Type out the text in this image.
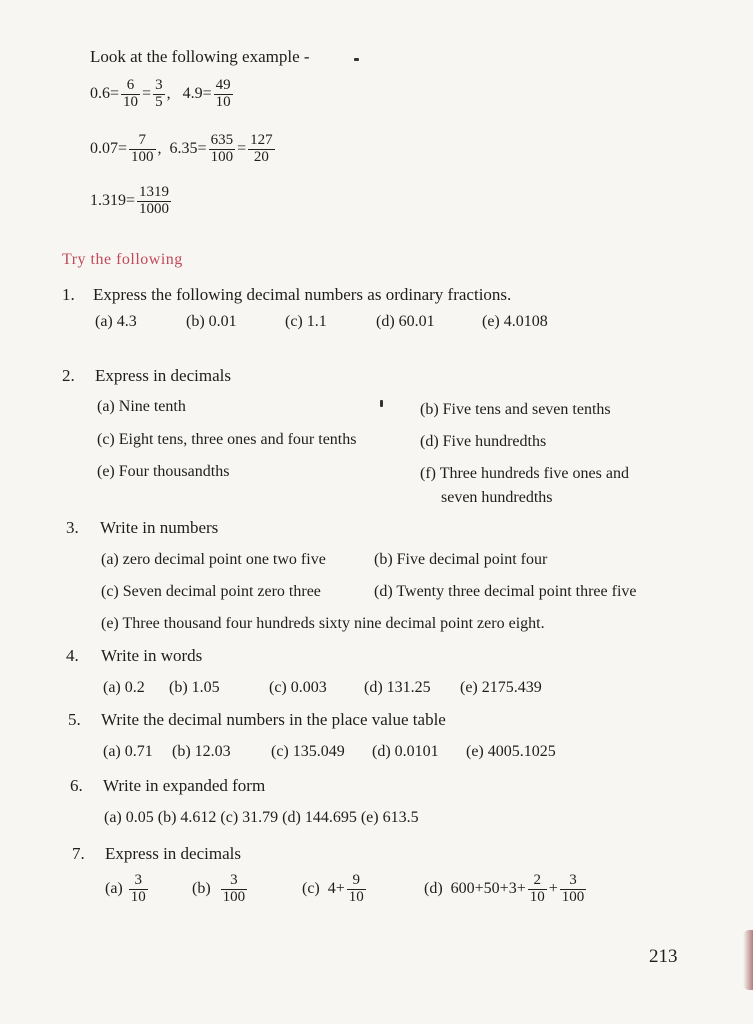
Look at the following example -
$0.6= \frac{6}{10} = \frac{3}{5}$ ,   $4.9= \frac{49}{10}$
$0.07= \frac{7}{100}$ ,  $6.35= \frac{635}{100} = \frac{127}{20}$
$1.319= \frac{1319}{1000}$
Try the following
1. Express the following decimal numbers as ordinary fractions.
(a) 4.3	(b) 0.01	(c) 1.1	(d) 60.01	(e) 4.0108
2. Express in decimals
(a) Nine tenth	(b) Five tens and seven tenths
(c) Eight tens, three ones and four tenths	(d) Five hundredths
(e) Four thousandths	(f) Three hundreds five ones and
seven hundredths
3. Write in numbers
(a) zero decimal point one two five	(b) Five decimal point four
(c) Seven decimal point zero three	(d) Twenty three decimal point three five
(e) Three thousand four hundreds sixty nine decimal point zero eight.
4. Write in words
(a) 0.2 (b) 1.05	(c) 0.003 (d) 131.25 (e) 2175.439
5. Write the decimal numbers in the place value table
(a) 0.71 (b) 12.03	(c) 135.049 (d) 0.0101 (e) 4005.1025
6. Write in expanded form
(a) 0.05 (b) 4.612 (c) 31.79 (d) 144.695 (e) 613.5
7. Express in decimals
$(a) \frac{3}{10}$	$(b) \frac{3}{100}$	(c) $4+ \frac{9}{10}$	(d) $600+50+3+ \frac{2}{10} + \frac{3}{100}$
213
